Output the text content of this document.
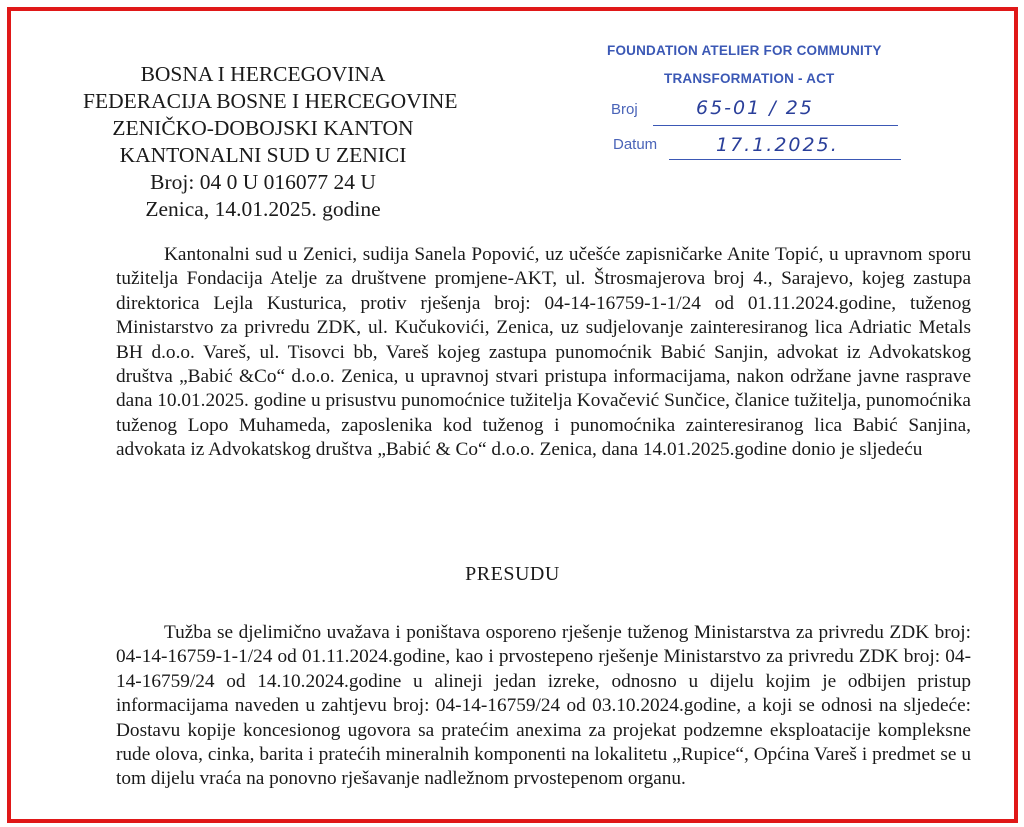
BOSNA I HERCEGOVINA
FEDERACIJA BOSNE I HERCEGOVINE
ZENIČKO-DOBOJSKI KANTON
KANTONALNI SUD U ZENICI
Broj: 04 0 U 016077 24 U
Zenica, 14.01.2025. godine
FOUNDATION ATELIER FOR COMMUNITY
TRANSFORMATION - ACT
Broj	65-01 / 25
Datum	17.1.2025.
Kantonalni sud u Zenici, sudija Sanela Popović, uz učešće zapisničarke Anite Topić, u upravnom sporu tužitelja Fondacija Atelje za društvene promjene-AKT, ul. Štrosmajerova broj 4., Sarajevo, kojeg zastupa direktorica Lejla Kusturica, protiv rješenja broj: 04-14-16759-1-1/24 od 01.11.2024.godine, tuženog Ministarstvo za privredu ZDK, ul. Kučukovići, Zenica, uz sudjelovanje zainteresiranog lica Adriatic Metals BH d.o.o. Vareš, ul. Tisovci bb, Vareš kojeg zastupa punomoćnik Babić Sanjin, advokat iz Advokatskog društva „Babić &Co“ d.o.o. Zenica, u upravnoj stvari pristupa informacijama, nakon održane javne rasprave dana 10.01.2025. godine u prisustvu punomoćnice tužitelja Kovačević Sunčice, članice tužitelja, punomoćnika tuženog Lopo Muhameda, zaposlenika kod tuženog i punomoćnika zainteresiranog lica Babić Sanjina, advokata iz Advokatskog društva „Babić & Co“ d.o.o. Zenica, dana 14.01.2025.godine donio je sljedeću
PRESUDU
Tužba se djelimično uvažava i poništava osporeno rješenje tuženog Ministarstva za privredu ZDK broj: 04-14-16759-1-1/24 od 01.11.2024.godine, kao i prvostepeno rješenje Ministarstvo za privredu ZDK broj: 04-14-16759/24 od 14.10.2024.godine u alineji jedan izreke, odnosno u dijelu kojim je odbijen pristup informacijama naveden u zahtjevu broj: 04-14-16759/24 od 03.10.2024.godine, a koji se odnosi na sljedeće: Dostavu kopije koncesionog ugovora sa pratećim anexima za projekat podzemne eksploatacije kompleksne rude olova, cinka, barita i pratećih mineralnih komponenti na lokalitetu „Rupice“, Općina Vareš i predmet se u tom dijelu vraća na ponovno rješavanje nadležnom prvostepenom organu.
